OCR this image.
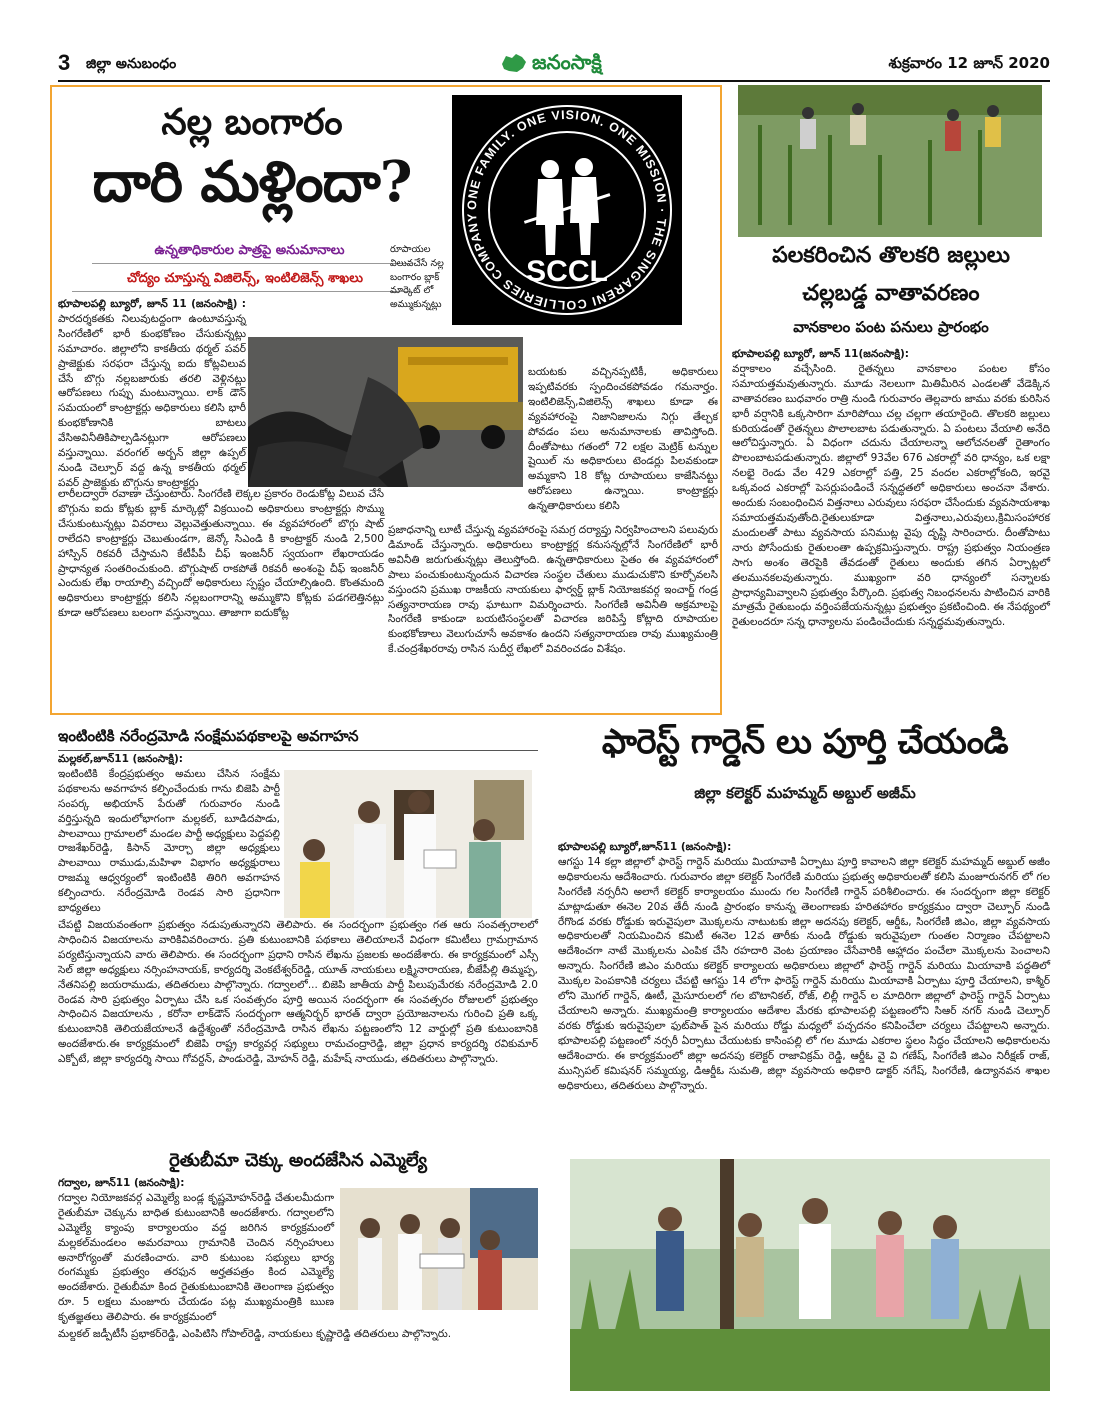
3 జిల్లా అనుబంధం	జనంసాక్షి	శుక్రవారం 12 జూన్ 2020
నల్ల బంగారం
దారి మళ్లిందా?
ఉన్నతాధికారుల పాత్రపై అనుమానాలు
చోద్యం చూస్తున్న విజిలెన్స్, ఇంటిలిజెన్స్ శాఖలు
ONE FAMILY. ONE VISION. ONE MISSION · THE SINGARENI COLLIERIES COMPANY
SCCL
రూపాయల విలువచేసే నల్ల బంగారం బ్లాక్ మార్కెట్ లో అమ్ముకున్నట్లు
భూపాలపల్లి బ్యూరో, జూన్ 11 (జనంసాక్షి) : పారదర్శకతకు నిలువుటద్దంగా ఉంటూవస్తున్న సింగరేణిలో భారీ కుంభకోణం చేసుకున్నట్లు సమాచారం. జిల్లాలోని కాకతీయ థర్మల్ పవర్ ప్రాజెక్టుకు సరఫరా చేస్తున్న ఐదు కోట్లవిలువ చేసే బొగ్గు నల్లబజారుకు తరలి వెళ్లినట్లు ఆరోపణలు గుప్పు మంటున్నాయి. లాక్ డౌన్ సమయంలో కాంట్రాక్టర్లు అధికారులు కలిసి భారీ కుంభకోణానికి బాటలు వేసిఅవినీతికిపాల్పడినట్లుగా ఆరోపణలు వస్తున్నాయి. వరంగల్ అర్బన్ జిల్లా ఉప్పల్ నుండి చెల్పూర్ వద్ద ఉన్న కాకతీయ థర్మల్ పవర్ ప్రాజెక్టుకు బొగ్గును కాంట్రాక్టర్లు
బయటకు వచ్చినప్పటికీ, అధికారులు ఇప్పటివరకు స్పందించకపోవడం గమనార్హం. ఇంటిలిజెన్స్,విజిలెన్స్ శాఖలు కూడా ఈ వ్యవహారంపై నిజానిజాలను నిగ్గు తేల్చక పోవడం పలు అనుమానాలకు తావిస్తోంది. దీంతోపాటు గతంలో 72 లక్షల మెట్రిక్ టన్నుల షైయిల్ ను అధికారులు టెండర్లు పిలవకుండా అమ్మకాని 18 కోట్ల రూపాయలు కాజేసినట్టు ఆరోపణలు ఉన్నాయి. కాంట్రాక్టర్లు ఉన్నతాధికారులు కలిసి
లారీలద్వారా రవాణా చేస్తుంటారు. సింగరేణి లెక్కల ప్రకారం రెండుకోట్ల విలువ చేసే బొగ్గును ఐదు కోట్లకు బ్లాక్ మార్కెట్లో విక్రయించి అధికారులు కాంట్రాక్టర్లు సొమ్ము చేసుకుంటున్నట్లు వివరాలు వెల్లువెత్తుతున్నాయి. ఈ వ్యవహారంలో బొగ్గు షాట్ రాలేదని కాంట్రాక్టర్లు చెబుతుండగా, జెన్కో సిఎండి కి కాంట్రాక్టర్ నుండి 2,500 హాస్పిన్ రికవరీ చేస్తామని కేటీపీపీ చీఫ్ ఇంజనీర్ స్వయంగా లేఖరాయడం ప్రాధాన్యత సంతరించుకుంది. బొగ్గుషాట్ రాకపోతే రికవరీ అంశంపై చీఫ్ ఇంజనీర్ ఎందుకు లేఖ రాయాల్సి వచ్చిందో అధికారులు స్పష్టం చేయాల్సిఉంది. కొంతమంది అధికారులు కాంట్రాక్టర్లు కలిసి నల్లబంగారాన్ని అమ్ముకొని కోట్లకు పడగలెత్తినట్లు కూడా ఆరోపణలు బలంగా వస్తున్నాయి. తాజాగా ఐదుకోట్ల
ప్రజాధనాన్ని లూటీ చేస్తున్న వ్యవహారంపై సమగ్ర దర్యాప్తు నిర్వహించాలని పలువురు డిమాండ్ చేస్తున్నారు. అధికారులు కాంట్రాక్టర్ల కనుసన్నల్లోనే సింగరేణిలో భారీ అవినీతి జరుగుతున్నట్లు తెలుస్తోంది. ఉన్నతాధికారులు సైతం ఈ వ్యవహారంలో పాలు పంచుకుంటున్నందున విచారణ సంస్థల చేతులు ముడుచుకొని కూర్చోవలసి వస్తుందని ప్రముఖ రాజకీయ నాయకులు ఫార్వర్డ్ బ్లాక్ నియోజకవర్గ ఇంచార్జ్ గండ్ర సత్యనారాయణ రావు ఘాటుగా విమర్శించారు. సింగరేణి అవినీతి అక్రమాలపై సింగరేణి కాకుండా బయటిసంస్థలతో విచారణ జరిపిస్తే కోట్లాది రూపాయల కుంభకోణాలు వెలుగుచూసే అవకాశం ఉందని సత్యనారాయణ రావు ముఖ్యమంత్రి కే.చంద్రశేఖరరావు రాసిన సుదీర్ఘ లేఖలో వివరించడం విశేషం.
పలకరించిన తొలకరి జల్లులు
చల్లబడ్డ వాతావరణం
వానకాలం పంట పనులు ప్రారంభం
భూపాలపల్లి బ్యూరో, జూన్ 11(జనంసాక్షి):
వర్షాకాలం వచ్చేసింది. రైతన్నలు వానకాలం పంటల కోసం సమాయత్తమవుతున్నారు. మూడు నెలలుగా మితిమీరిన ఎండలతో వేడెక్కిన వాతావరణం బుధవారం రాత్రి నుండి గురువారం తెల్లవారు జాము వరకు కురిసిన భారీ వర్షానికి ఒక్కసారిగా మారిపోయి చల్ల చల్లగా తయారైంది. తొలకరి జల్లులు కురియడంతో రైతన్నలు పొలాలబాట పడుతున్నారు. ఏ పంటలు వేయాలి అనేది ఆలోచిస్తున్నారు. ఏ విధంగా చదును చేయాలన్నా ఆలోచనలతో రైతాంగం పొలంబాటపడుతున్నారు. జిల్లాలో 93వేల 676 ఎకరాల్లో వరి ధాన్యం, ఒక లక్షా నలభై రెండు వేల 429 ఎకరాల్లో పత్తి, 25 వందల ఎకరాల్లోకంది, ఇరవై ఒక్కవంద ఎకరాల్లో పెసర్లుపండించే సన్నద్ధతలో అధికారులు అంచనా వేశారు. అందుకు సంబంధించిన విత్తనాలు ఎరువులు సరఫరా చేసేందుకు వ్యవసాయశాఖ సమాయత్తమవుతోంది.రైతులుకూడా విత్తనాలు,ఎరువులు,క్రిమిసంహారక మందులతో పాటు వ్యవసాయ పనిముట్ల వైపు దృష్టి సారించారు. దీంతోపాటు నారు పోసేందుకు రైతులంతా ఉప్పక్రమిస్తున్నారు. రాష్ట్ర ప్రభుత్వం నియంత్రణ సాగు అంశం తెరపైకి తేవడంతో రైతులు అందుకు తగిన ఏర్పాట్లలో తలమునకలవుతున్నారు. ముఖ్యంగా వరి ధాన్యంలో సన్నాలకు ప్రాధాన్యమివ్వాలని ప్రభుత్వం పేర్కొంది. ప్రభుత్వ నిబంధనలను పాటించిన వారికి మాత్రమే రైతుబంధు వర్తింపజేయనున్నట్లు ప్రభుత్వం ప్రకటించింది. ఈ నేపథ్యంలో రైతులందరూ సన్న ధాన్యాలను పండించేందుకు సన్నద్ధమవుతున్నారు.
ఇంటింటికి నరేంద్రమోడి సంక్షేమపథకాలపై అవగాహన
మల్లకల్,జూన్11 (జనంసాక్షి):
ఇంటింటికి కేంద్రప్రభుత్వం అమలు చేసిన సంక్షేమ పథకాలను అవగాహన కల్పించేందుకు గాను బిజెపి పార్టీ సంపర్క అభియాన్ పేరుతో గురువారం నుండి వర్తిస్తున్నది ఇందులోభాగంగా మల్లకల్, బూడిదపాడు, పాలవాయి గ్రామాలలో మండల పార్టీ అధ్యక్షులు పెద్దపల్లి రాజశేఖర్‌రెడ్డి, కిసాన్ మోర్చా జిల్లా అధ్యక్షులు పాలవాయి రాముడు,మహిళా విభాగం అధ్యక్షురాలు రాజమ్మ ఆధ్వర్యంలో ఇంటింటికి తిరిగి అవగాహన కల్పించారు. నరేంద్రమోడి రెండవ సారి ప్రధానిగా బాధ్యతలు
చేపట్టి విజయవంతంగా ప్రభుత్వం నడుపుతున్నారని తెలిపారు. ఈ సందర్భంగా ప్రభుత్వం గత ఆరు సంవత్సరాలలో సాధించిన విజయాలను వారికివివరించారు. ప్రతి కుటుంబానికి పథకాలు తెలియాలనే విధంగా కమిటీలు గ్రామగ్రామాన పర్యటిస్తున్నాయని వారు తెలిపారు. ఈ సందర్భంగా ప్రధాని రాసిన లేఖను ప్రజలకు అందజేశారు. ఈ కార్యక్రమంలో ఎస్సీ సెల్ జిల్లా అధ్యక్షులు నర్సింహనాయక్, కార్యదర్శి వెంకటేశ్వర్‌రెడ్డి, యూత్ నాయకులు లక్ష్మినారాయణ, బీజేపీల్లి తిమ్మప్ప, నేతనిపల్లి జయరాముడు, తదితరులు పాల్గొన్నారు. గద్వాలలో... బిజెపి జాతీయ పార్టీ పిలుపుమేరకు నరేంద్రమోడి 2.0 రెండవ సారి ప్రభుత్వం ఏర్పాటు చేసి ఒక సంవత్సరం పూర్తి అయిన సందర్భంగా ఈ సంవత్సరం రోజులలో ప్రభుత్వం సాధించిన విజయాలను , కరోనా లాక్‌డౌన్ సందర్భంగా ఆత్మనిర్భర్ భారత్ ద్వారా ప్రయోజనాలను గురించి ప్రతి ఒక్క కుటుంబానికి తెలియజేయాలనే ఉద్దేశ్యంతో నరేంద్రమోడి రాసిన లేఖను పట్టణంలోని 12 వార్డుల్లో ప్రతి కుటుంబానికి అందజేశారు.ఈ కార్యక్రమంలో బిజెపి రాష్ట్ర కార్యవర్గ సభ్యులు రామచంద్రారెడ్డి, జిల్లా ప్రధాన కార్యదర్శి రవికుమార్ ఎక్బోటే, జిల్లా కార్యదర్శి సాయి గోవర్దన్, పాండురెడ్డి, మోహన్ రెడ్డి, మహేష్ నాయుడు, తదితరులు పాల్గొన్నారు.
ఫారెస్ట్ గార్డెన్ లు పూర్తి చేయండి
జిల్లా కలెక్టర్ మహమ్మద్ అబ్దుల్ అజీమ్
భూపాలపల్లి బ్యూరో,జూన్11 (జనంసాక్షి):
ఆగస్టు 14 కల్లా జిల్లాలో ఫారెస్ట్ గార్డెన్ మరియు మియావాకి ఏర్పాటు పూర్తి కావాలని జిల్లా కలెక్టర్ మహమ్మద్ అబ్దుల్ అజీం అధికారులను ఆదేశించారు. గురువారం జిల్లా కలెక్టర్ సింగరేణి మరియు ప్రభుత్వ అధికారులతో కలిసి మంజూరునగర్ లో గల సింగరేణి నర్సరీని అలాగే కలెక్టర్ కార్యాలయం ముందు గల సింగరేణి గార్డెన్ పరిశీలించారు. ఈ సందర్భంగా జిల్లా కలెక్టర్ మాట్లాడుతూ ఈనెల 20వ తేదీ నుండి ప్రారంభం కానున్న తెలంగాణకు హరితహారం కార్యక్రమం ద్వారా చెల్పూర్ నుండి రేగొండ వరకు రోడ్డుకు ఇరువైపులా మొక్కలను నాటుటకు జిల్లా అదనపు కలెక్టర్, ఆర్డీఓ, సింగరేణి జిఎం, జిల్లా వ్యవసాయ అధికారులతో నియమించిన కమిటీ ఈనెల 12వ తారీకు నుండి రోడ్డుకు ఇరువైపులా గుంతల నిర్మాణం చేపట్టాలని ఆదేశించగా నాటే మొక్కలను ఎంపిక చేసి రహదారి వెంట ప్రయాణం చేసేవారికి ఆహ్లాదం పంచేలా మొక్కలను పెంచాలని అన్నారు. సింగరేణి జిఎం మరియు కలెక్టర్ కార్యాలయ అధికారులు జిల్లాలో ఫారెస్ట్ గార్డెన్ మరియు మియావాకి పద్ధతిలో మొక్కల పెంపకానికి చర్యలు చేపట్టి ఆగస్టు 14 లోగా ఫారెస్ట్ గార్డెన్ మరియు మియావాకి ఏర్పాటు పూర్తి చేయాలని, కాశ్మీర్ లోని మొగల్ గార్డెన్, ఊటీ, మైసూరులలో గల బొటానికల్, రోజ్, లిల్లీ గార్డెన్ ల మాదిరిగా జిల్లాలో ఫారెస్ట్ గార్డెన్ ఏర్పాటు చేయాలని అన్నారు. ముఖ్యమంత్రి కార్యాలయం ఆదేశాల మేరకు భూపాలపల్లి పట్టణంలోని సిఆర్ నగర్ నుండి చెల్పూర్ వరకు రోడ్డుకు ఇరువైపులా ఫుట్‌పాత్ పైన మరియు రోడ్డు మధ్యలో పచ్చదనం కనిపించేలా చర్యలు చేపట్టాలని అన్నారు. భూపాలపల్లి పట్టణంలో నర్సరీ ఏర్పాటు చేయుటకు కాసింపల్లి లో గల మూడు ఎకరాల స్థలం సిద్ధం చేయాలని అధికారులను ఆదేశించారు. ఈ కార్యక్రమంలో జిల్లా అదనపు కలెక్టర్ రాజావిక్రమ్ రెడ్డి, ఆర్డీఓ వై వి గణేష్, సింగరేణి జిఎం నిరీక్షణ్ రాజ్, మున్సిపల్ కమిషనర్ సమ్మయ్య, డిఆర్డీఓ సుమతి, జిల్లా వ్యవసాయ అధికారి డాక్టర్ నగేష్, సింగరేణి, ఉద్యానవన శాఖల అధికారులు, తదితరులు పాల్గొన్నారు.
రైతుబీమా చెక్కు అందజేసిన ఎమ్మెల్యే
గద్వాల, జూన్11 (జనంసాక్షి):
గద్వాల నియోజకవర్గ ఎమ్మెల్యే బండ్ల కృష్ణమోహన్‌రెడ్డి చేతులమీదుగా రైతుబీమా చెక్కును బాధిత కుటుంబానికి అందజేశారు. గద్వాలలోని ఎమ్మెల్యే క్యాంపు కార్యాలయం వద్ద జరిగిన కార్యక్రమంలో మల్లకల్‌మండలం అమరవాయి గ్రామానికి చెందిన నర్సింహులు అనారోగ్యంతో మరణించారు. వారి కుటుంబ సభ్యులు భార్య రంగమ్మకు ప్రభుత్వం తరఫున అర్హతపత్రం కింద ఎమ్మెల్యే అందజేశారు. రైతుబీమా కింద రైతుకుటుంబానికి తెలంగాణ ప్రభుత్వం రూ. 5 లక్షలు మంజూరు చేయడం పట్ల ముఖ్యమంత్రికి ఋణ కృతజ్ఞతలు తెలిపారు. ఈ కార్యక్రమంలో
మల్దకల్ జడ్పీటీసీ ప్రభాకర్‌రెడ్డి, ఎంపిటిసి గోపాల్‌రెడ్డి, నాయకులు కృష్ణారెడ్డి తదితరులు పాల్గొన్నారు.
